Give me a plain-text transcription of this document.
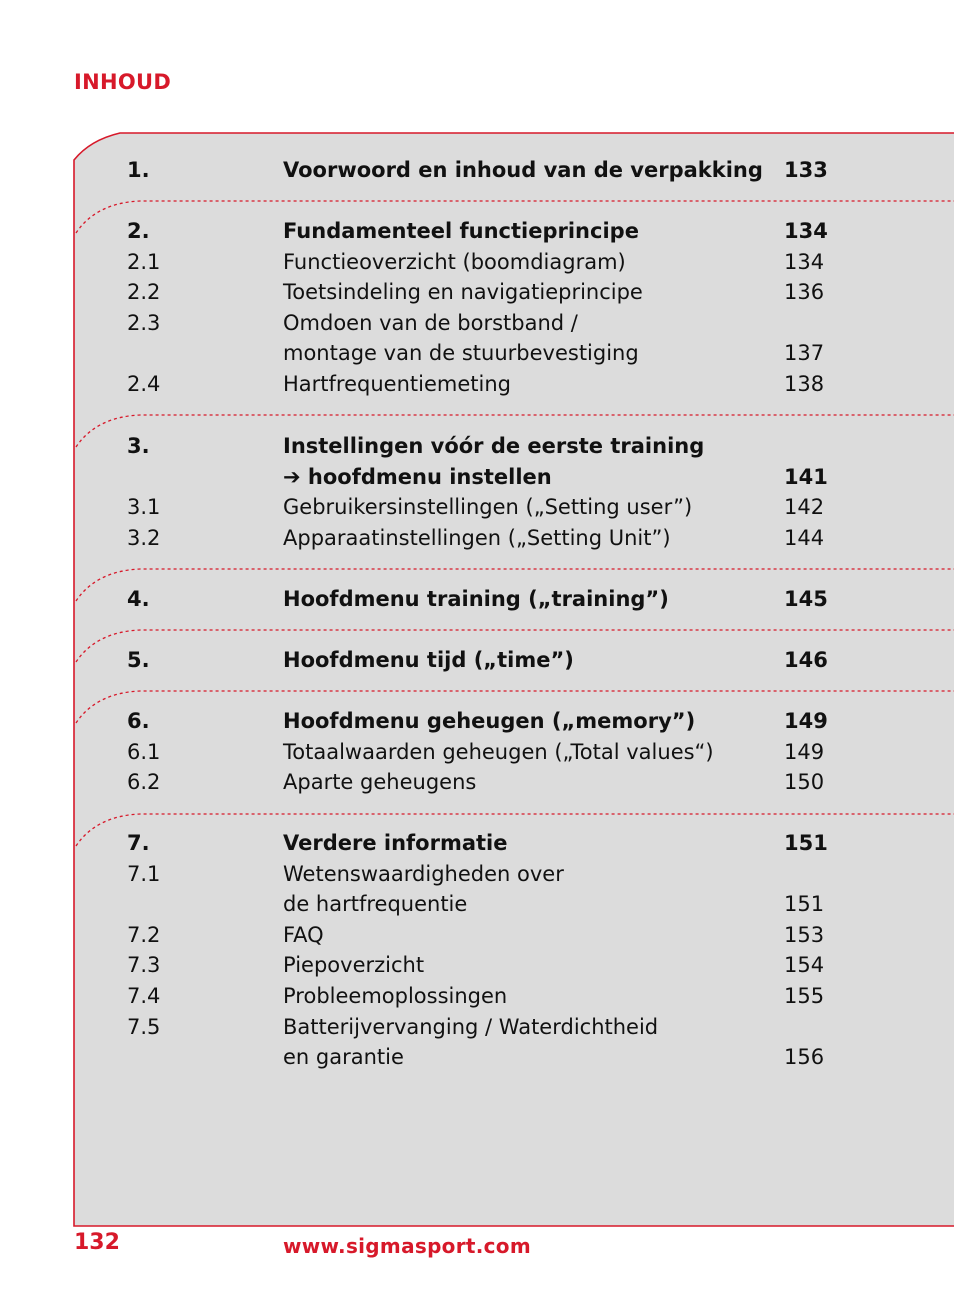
INHOUD
1.	Voorwoord en inhoud van de verpakking 133
2.	Fundamenteel functieprincipe	134
2.1	Functieoverzicht (boomdiagram)	134
2.2	Toetsindeling en navigatieprincipe	136
2.3	Omdoen van de borstband /
montage van de stuurbevestiging	137
2.4	Hartfrequentiemeting	138
3.	Instellingen vóór de eerste training
➔ hoofdmenu instellen	141
3.1	Gebruikersinstellingen („Setting user”)	142
3.2	Apparaatinstellingen („Setting Unit”)	144
4.	Hoofdmenu training („training”)	145
5.	Hoofdmenu tijd („time”)	146
6.	Hoofdmenu geheugen („memory”)	149
6.1	Totaalwaarden geheugen („Total values“)	149
6.2	Aparte geheugens	150
7.	Verdere informatie	151
7.1	Wetenswaardigheden over
de hartfrequentie	151
7.2	FAQ	153
7.3	Piepoverzicht	154
7.4	Probleemoplossingen	155
7.5	Batterijvervanging / Waterdichtheid
en garantie	156
132	www.sigmasport.com
